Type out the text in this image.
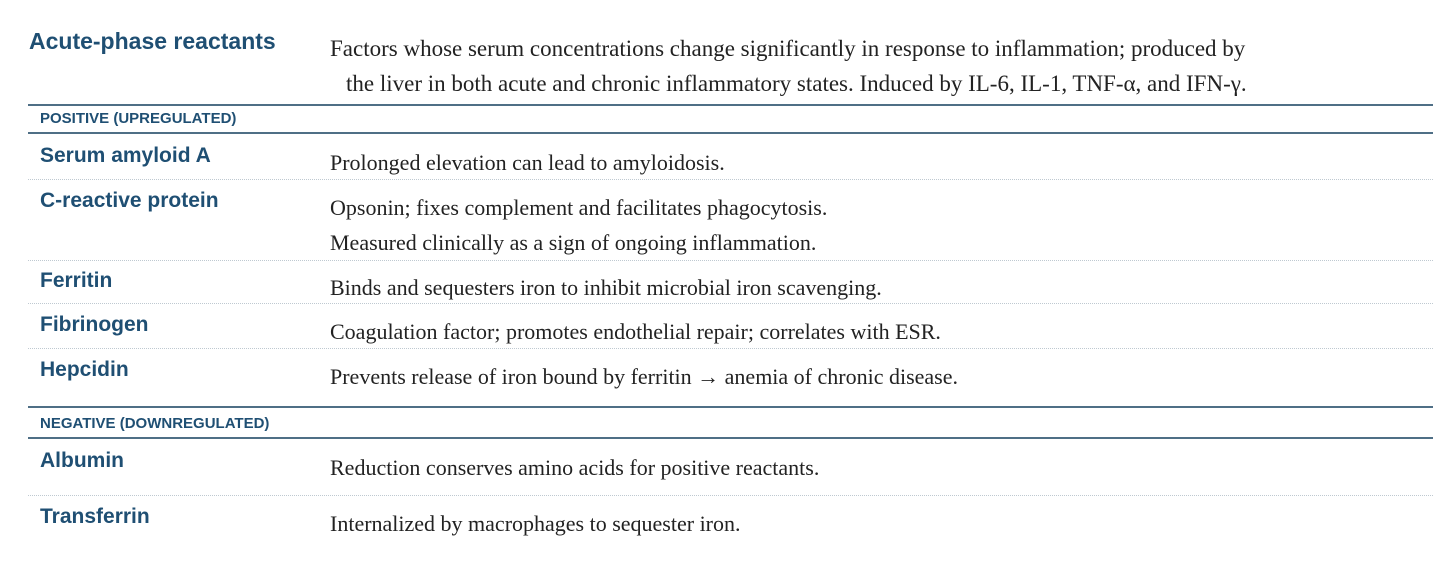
Acute-phase reactants Factors whose serum concentrations change significantly in response to inflammation; produced by
the liver in both acute and chronic inflammatory states. Induced by IL-6, IL-1, TNF-α, and IFN-γ.

POSITIVE (UPREGULATED)
Serum amyloid A	Prolonged elevation can lead to amyloidosis.
C-reactive protein	Opsonin; fixes complement and facilitates phagocytosis.
Measured clinically as a sign of ongoing inflammation.
Ferritin	Binds and sequesters iron to inhibit microbial iron scavenging.
Fibrinogen	Coagulation factor; promotes endothelial repair; correlates with ESR.
Hepcidin	Prevents release of iron bound by ferritin → anemia of chronic disease.
NEGATIVE (DOWNREGULATED)
Albumin	Reduction conserves amino acids for positive reactants.
Transferrin	Internalized by macrophages to sequester iron.
